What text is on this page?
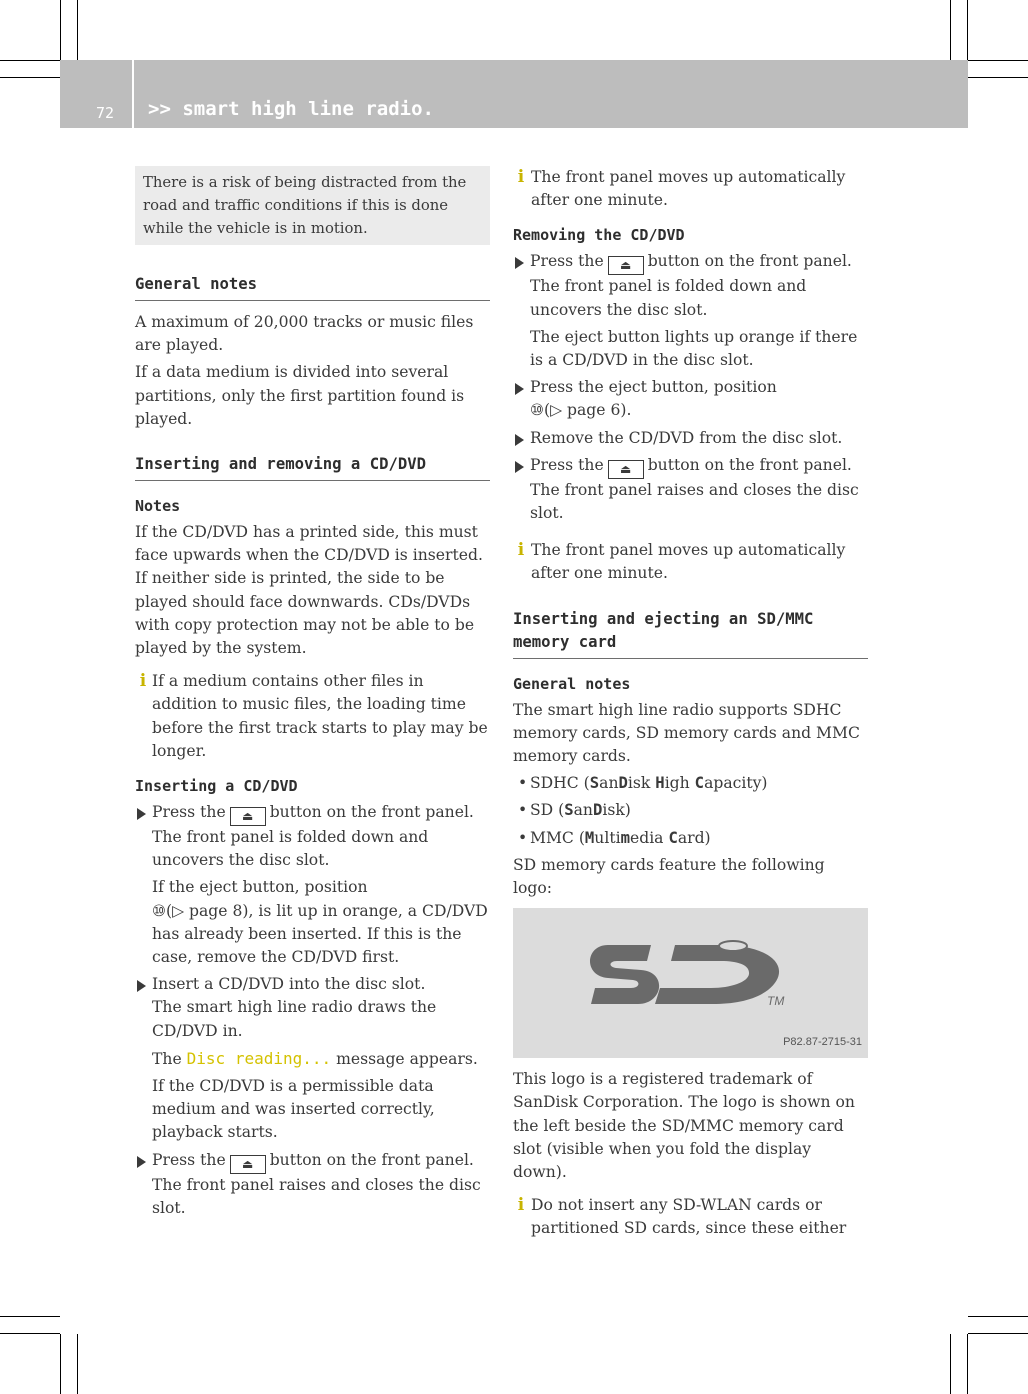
72 >> smart high line radio.

There is a risk of being distracted from the road and traffic conditions if this is done while the vehicle is in motion.

General notes

A maximum of 20,000 tracks or music files are played.

If a data medium is divided into several partitions, only the first partition found is played.

Inserting and removing a CD/DVD
Notes

If the CD/DVD has a printed side, this must face upwards when the CD/DVD is inserted. If neither side is printed, the side to be played should face downwards. CDs/DVDs with copy protection may not be able to be played by the system.

i If a medium contains other files in addition to music files, the loading time before the first track starts to play may be longer.

Inserting a CD/DVD
Press the ⏏ button on the front panel.

The front panel is folded down and uncovers the disc slot.

If the eject button, position
⑩(▷ page 8), is lit up in orange, a CD/DVD has already been inserted. If this is the case, remove the CD/DVD first.

Insert a CD/DVD into the disc slot.

The smart high line radio draws the CD/DVD in.

The Disc reading... message appears.

If the CD/DVD is a permissible data medium and was inserted correctly, playback starts.

Press the ⏏ button on the front panel.

The front panel raises and closes the disc slot.

i The front panel moves up automatically after one minute.

Removing the CD/DVD
Press the ⏏ button on the front panel.

The front panel is folded down and uncovers the disc slot.

The eject button lights up orange if there is a CD/DVD in the disc slot.

Press the eject button, position
⑩(▷ page 6).
Remove the CD/DVD from the disc slot.
Press the ⏏ button on the front panel.

The front panel raises and closes the disc slot.

i The front panel moves up automatically after one minute.

Inserting and ejecting an SD/MMC memory card
General notes

The smart high line radio supports SDHC memory cards, SD memory cards and MMC memory cards.

• SDHC (SanDisk High Capacity)
• SD (SanDisk)
• MMC (Multimedia Card)

SD memory cards feature the following logo:

TM
P82.87-2715-31

This logo is a registered trademark of SanDisk Corporation. The logo is shown on the left beside the SD/MMC memory card slot (visible when you fold the display down).

i Do not insert any SD-WLAN cards or partitioned SD cards, since these either
